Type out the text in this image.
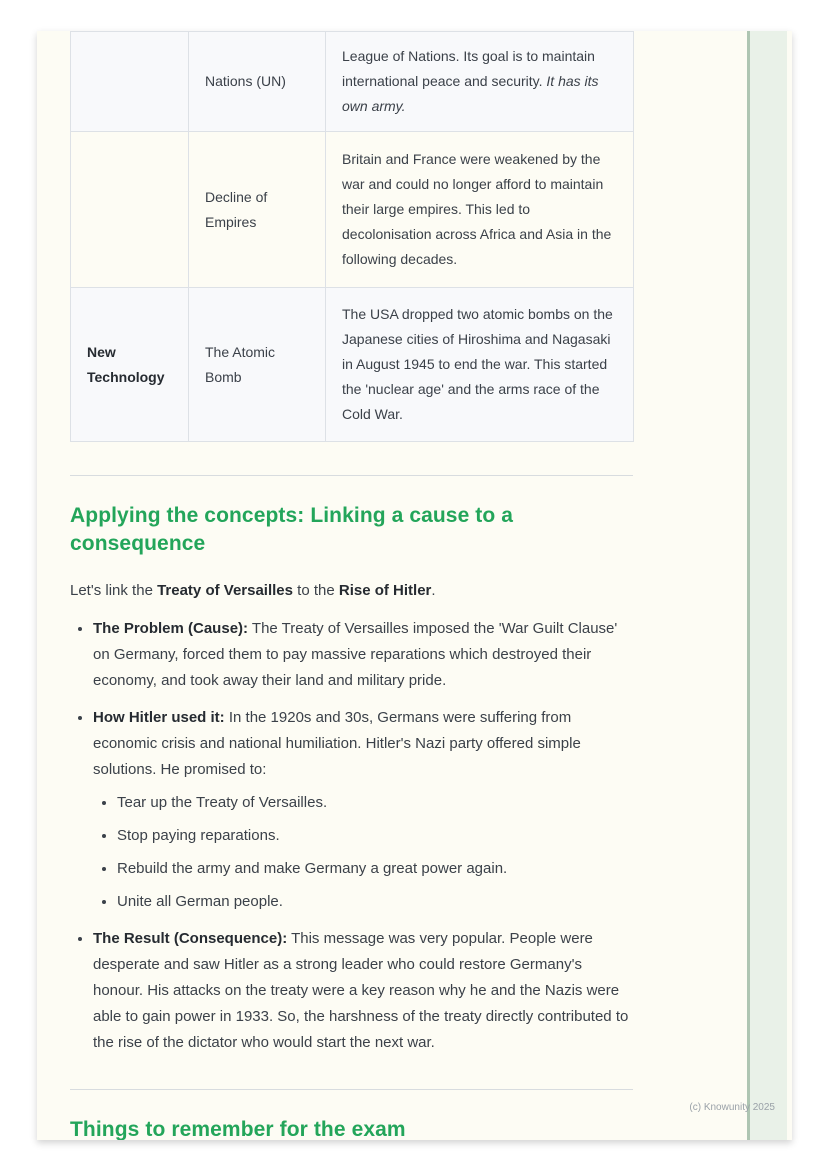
	Nations (UN)	League of Nations. Its goal is to maintain international peace and security. It has its own army.
	Decline of Empires	Britain and France were weakened by the war and could no longer afford to maintain their large empires. This led to decolonisation across Africa and Asia in the following decades.
New Technology	The Atomic Bomb	The USA dropped two atomic bombs on the Japanese cities of Hiroshima and Nagasaki in August 1945 to end the war. This started the 'nuclear age' and the arms race of the Cold War.
Applying the concepts: Linking a cause to a consequence

Let's link the Treaty of Versailles to the Rise of Hitler.

• The Problem (Cause): The Treaty of Versailles imposed the 'War Guilt Clause' on Germany, forced them to pay massive reparations which destroyed their economy, and took away their land and military pride.
• How Hitler used it: In the 1920s and 30s, Germans were suffering from economic crisis and national humiliation. Hitler's Nazi party offered simple solutions. He promised to:
• Tear up the Treaty of Versailles.
• Stop paying reparations.
• Rebuild the army and make Germany a great power again.
• Unite all German people.
• The Result (Consequence): This message was very popular. People were desperate and saw Hitler as a strong leader who could restore Germany's honour. His attacks on the treaty were a key reason why he and the Nazis were able to gain power in 1933. So, the harshness of the treaty directly contributed to the rise of the dictator who would start the next war.
Things to remember for the exam
(c) Knowunity 2025
